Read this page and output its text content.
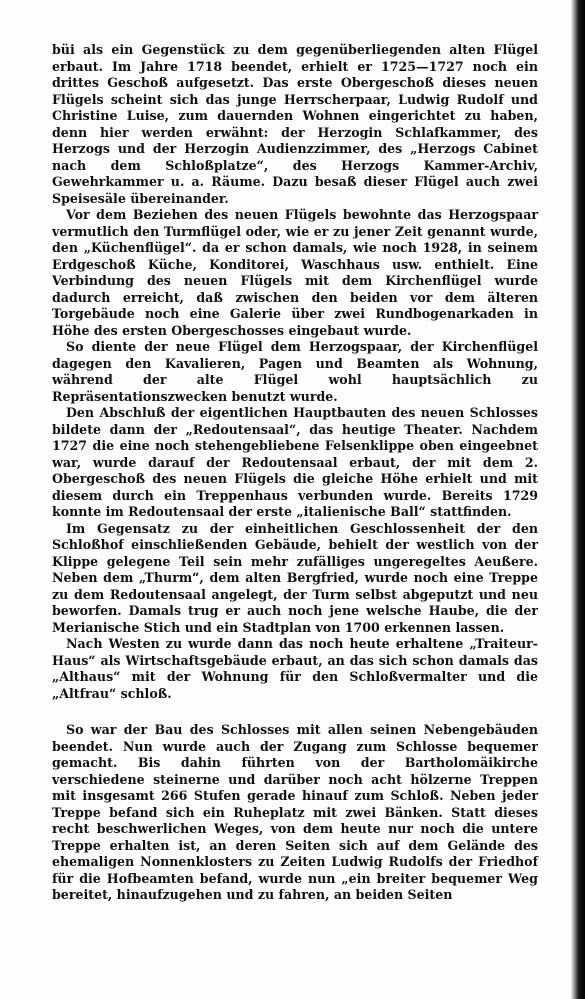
büi als ein Gegenstück zu dem gegenüberliegenden alten Flügel erbaut. Im Jahre 1718 beendet, erhielt er 1725—1727 noch ein drittes Geschoß aufgesetzt. Das erste Obergeschoß dieses neuen Flügels scheint sich das junge Herrscherpaar, Ludwig Rudolf und Christine Luise, zum dauernden Wohnen eingerichtet zu haben, denn hier werden erwähnt: der Herzogin Schlafkammer, des Herzogs und der Herzogin Audienzzimmer, des „Herzogs Cabinet nach dem Schloßplatze“, des Herzogs Kammer-Archiv, Gewehrkammer u. a. Räume. Dazu besaß dieser Flügel auch zwei Speisesäle übereinander.

Vor dem Beziehen des neuen Flügels bewohnte das Herzogspaar vermutlich den Turmflügel oder, wie er zu jener Zeit genannt wurde, den „Küchenflügel“. da er schon damals, wie noch 1928, in seinem Erdgeschoß Küche, Konditorei, Waschhaus usw. enthielt. Eine Verbindung des neuen Flügels mit dem Kirchenflügel wurde dadurch erreicht, daß zwischen den beiden vor dem älteren Torgebäude noch eine Galerie über zwei Rundbogenarkaden in Höhe des ersten Obergeschosses eingebaut wurde.

So diente der neue Flügel dem Herzogspaar, der Kirchenflügel dagegen den Kavalieren, Pagen und Beamten als Wohnung, während der alte Flügel wohl hauptsächlich zu Repräsentationszwecken benutzt wurde.

Den Abschluß der eigentlichen Hauptbauten des neuen Schlosses bildete dann der „Redoutensaal“, das heutige Theater. Nachdem 1727 die eine noch stehengebliebene Felsenklippe oben eingeebnet war, wurde darauf der Redoutensaal erbaut, der mit dem 2. Obergeschoß des neuen Flügels die gleiche Höhe erhielt und mit diesem durch ein Treppenhaus verbunden wurde. Bereits 1729 konnte im Redoutensaal der erste „italienische Ball“ stattfinden.

Im Gegensatz zu der einheitlichen Geschlossenheit der den Schloßhof einschließenden Gebäude, behielt der westlich von der Klippe gelegene Teil sein mehr zufälliges ungeregeltes Aeußere. Neben dem „Thurm“, dem alten Bergfried, wurde noch eine Treppe zu dem Redoutensaal angelegt, der Turm selbst abgeputzt und neu beworfen. Damals trug er auch noch jene welsche Haube, die der Merianische Stich und ein Stadtplan von 1700 erkennen lassen.

Nach Westen zu wurde dann das noch heute erhaltene „Traiteur-Haus“ als Wirtschaftsgebäude erbaut, an das sich schon damals das „Althaus“ mit der Wohnung für den Schloßvermalter und die „Altfrau“ schloß.

So war der Bau des Schlosses mit allen seinen Nebengebäuden beendet. Nun wurde auch der Zugang zum Schlosse bequemer gemacht. Bis dahin führten von der Bartholomäikirche verschiedene steinerne und darüber noch acht hölzerne Treppen mit insgesamt 266 Stufen gerade hinauf zum Schloß. Neben jeder Treppe befand sich ein Ruheplatz mit zwei Bänken. Statt dieses recht beschwerlichen Weges, von dem heute nur noch die untere Treppe erhalten ist, an deren Seiten sich auf dem Gelände des ehemaligen Nonnenklosters zu Zeiten Ludwig Rudolfs der Friedhof für die Hofbeamten befand, wurde nun „ein breiter bequemer Weg bereitet, hinaufzugehen und zu fahren, an beiden Seiten
